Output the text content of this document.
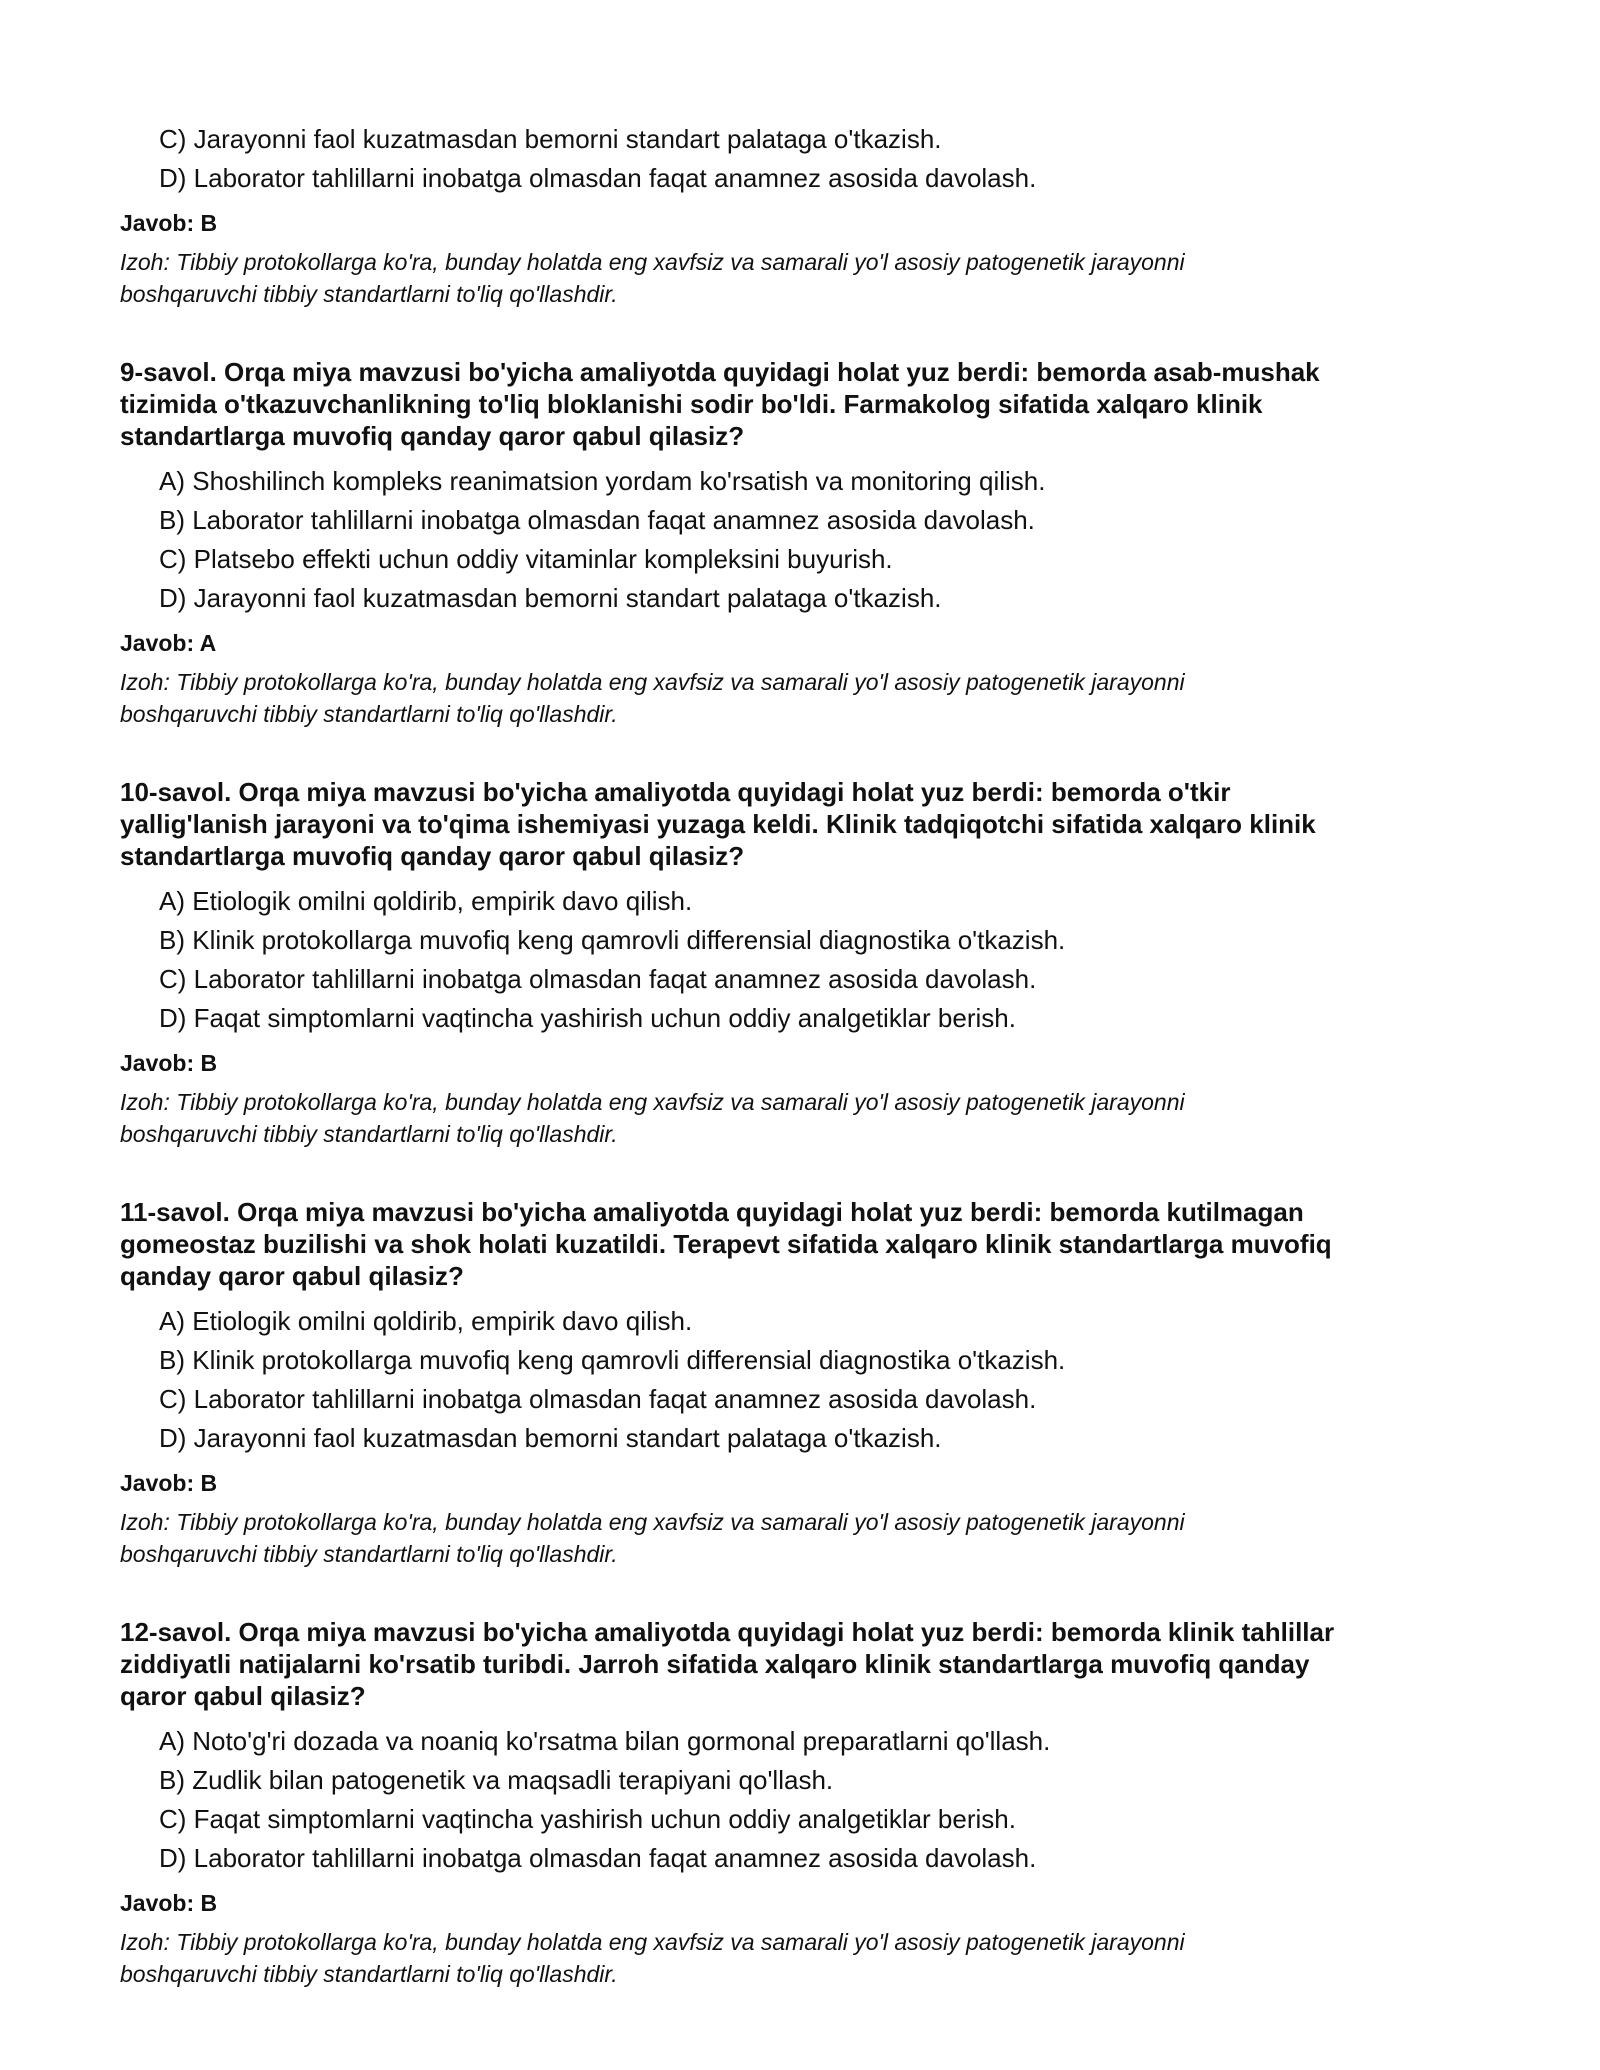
C) Jarayonni faol kuzatmasdan bemorni standart palataga o'tkazish.
D) Laborator tahlillarni inobatga olmasdan faqat anamnez asosida davolash.
Javob: B
Izoh: Tibbiy protokollarga ko'ra, bunday holatda eng xavfsiz va samarali yo'l asosiy patogenetik jarayonni
boshqaruvchi tibbiy standartlarni to'liq qo'llashdir.
9-savol. Orqa miya mavzusi bo'yicha amaliyotda quyidagi holat yuz berdi: bemorda asab-mushak
tizimida o'tkazuvchanlikning to'liq bloklanishi sodir bo'ldi. Farmakolog sifatida xalqaro klinik
standartlarga muvofiq qanday qaror qabul qilasiz?
A) Shoshilinch kompleks reanimatsion yordam ko'rsatish va monitoring qilish.
B) Laborator tahlillarni inobatga olmasdan faqat anamnez asosida davolash.
C) Platsebo effekti uchun oddiy vitaminlar kompleksini buyurish.
D) Jarayonni faol kuzatmasdan bemorni standart palataga o'tkazish.
Javob: A
Izoh: Tibbiy protokollarga ko'ra, bunday holatda eng xavfsiz va samarali yo'l asosiy patogenetik jarayonni
boshqaruvchi tibbiy standartlarni to'liq qo'llashdir.
10-savol. Orqa miya mavzusi bo'yicha amaliyotda quyidagi holat yuz berdi: bemorda o'tkir
yallig'lanish jarayoni va to'qima ishemiyasi yuzaga keldi. Klinik tadqiqotchi sifatida xalqaro klinik
standartlarga muvofiq qanday qaror qabul qilasiz?
A) Etiologik omilni qoldirib, empirik davo qilish.
B) Klinik protokollarga muvofiq keng qamrovli differensial diagnostika o'tkazish.
C) Laborator tahlillarni inobatga olmasdan faqat anamnez asosida davolash.
D) Faqat simptomlarni vaqtincha yashirish uchun oddiy analgetiklar berish.
Javob: B
Izoh: Tibbiy protokollarga ko'ra, bunday holatda eng xavfsiz va samarali yo'l asosiy patogenetik jarayonni
boshqaruvchi tibbiy standartlarni to'liq qo'llashdir.
11-savol. Orqa miya mavzusi bo'yicha amaliyotda quyidagi holat yuz berdi: bemorda kutilmagan
gomeostaz buzilishi va shok holati kuzatildi. Terapevt sifatida xalqaro klinik standartlarga muvofiq
qanday qaror qabul qilasiz?
A) Etiologik omilni qoldirib, empirik davo qilish.
B) Klinik protokollarga muvofiq keng qamrovli differensial diagnostika o'tkazish.
C) Laborator tahlillarni inobatga olmasdan faqat anamnez asosida davolash.
D) Jarayonni faol kuzatmasdan bemorni standart palataga o'tkazish.
Javob: B
Izoh: Tibbiy protokollarga ko'ra, bunday holatda eng xavfsiz va samarali yo'l asosiy patogenetik jarayonni
boshqaruvchi tibbiy standartlarni to'liq qo'llashdir.
12-savol. Orqa miya mavzusi bo'yicha amaliyotda quyidagi holat yuz berdi: bemorda klinik tahlillar
ziddiyatli natijalarni ko'rsatib turibdi. Jarroh sifatida xalqaro klinik standartlarga muvofiq qanday
qaror qabul qilasiz?
A) Noto'g'ri dozada va noaniq ko'rsatma bilan gormonal preparatlarni qo'llash.
B) Zudlik bilan patogenetik va maqsadli terapiyani qo'llash.
C) Faqat simptomlarni vaqtincha yashirish uchun oddiy analgetiklar berish.
D) Laborator tahlillarni inobatga olmasdan faqat anamnez asosida davolash.
Javob: B
Izoh: Tibbiy protokollarga ko'ra, bunday holatda eng xavfsiz va samarali yo'l asosiy patogenetik jarayonni
boshqaruvchi tibbiy standartlarni to'liq qo'llashdir.
